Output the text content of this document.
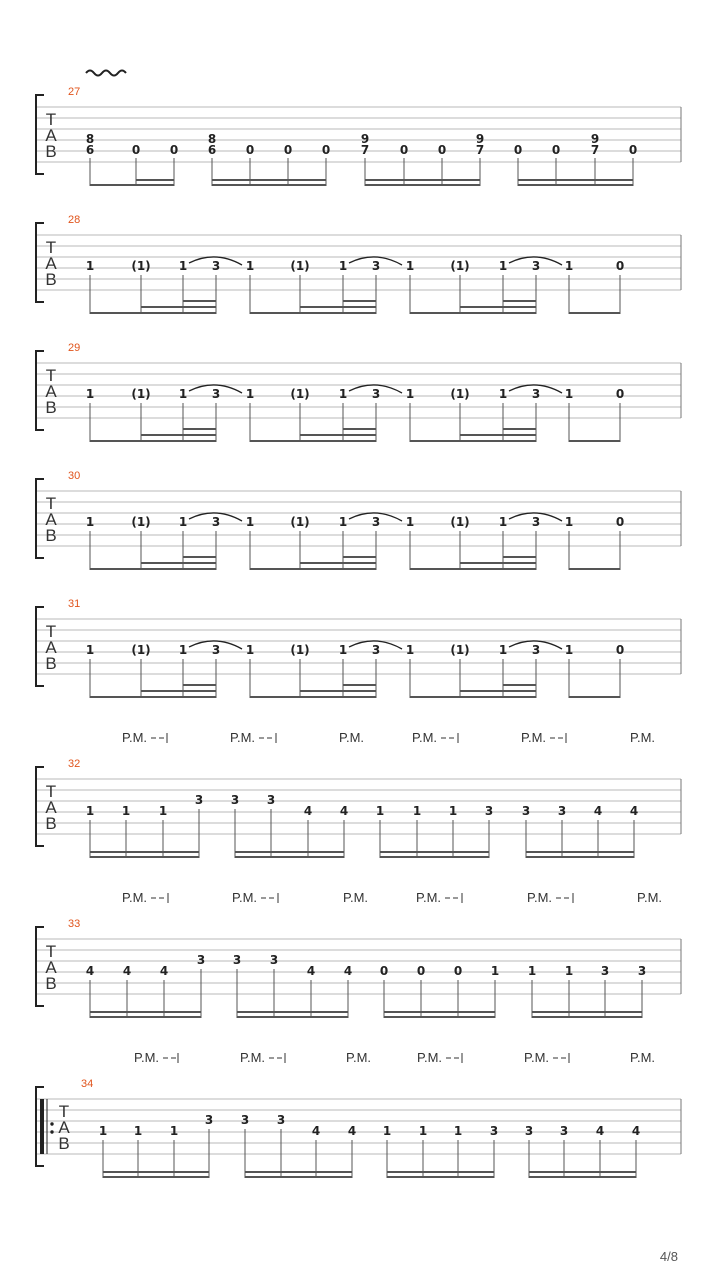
T
A
B
27
8
6	0 0
8
6 0 0 0
9
7	0 0
9
7 0 0
9
7 0
T
A
B
28
1	(1) 1 3 1	(1) 1 3 1	(1) 1 3 1	0
T
A
B
29
1	(1) 1 3 1	(1) 1 3 1	(1) 1 3 1	0
T
A
B
30
1	(1) 1 3 1	(1) 1 3 1	(1) 1 3 1	0
T
A
B
31
1	(1) 1 3 1	(1) 1 3 1	(1) 1 3 1	0
T
A
B
32
P.M.	P.M.	P.M.	P.M.	P.M.	P.M.
1 1 1
3 3 3
4 4 1 1 1 3 3 3 4 4
T
A
B
33
P.M.	P.M.	P.M.	P.M.	P.M.	P.M.
4 4 4
3 3 3
4 4 0 0 0 1 1 1 3 3
T
A
B
34
P.M.	P.M.	P.M.	P.M.	P.M.	P.M.
1 1 1
3 3 3
4 4 1 1 1 3 3 3 4 4
4/8
